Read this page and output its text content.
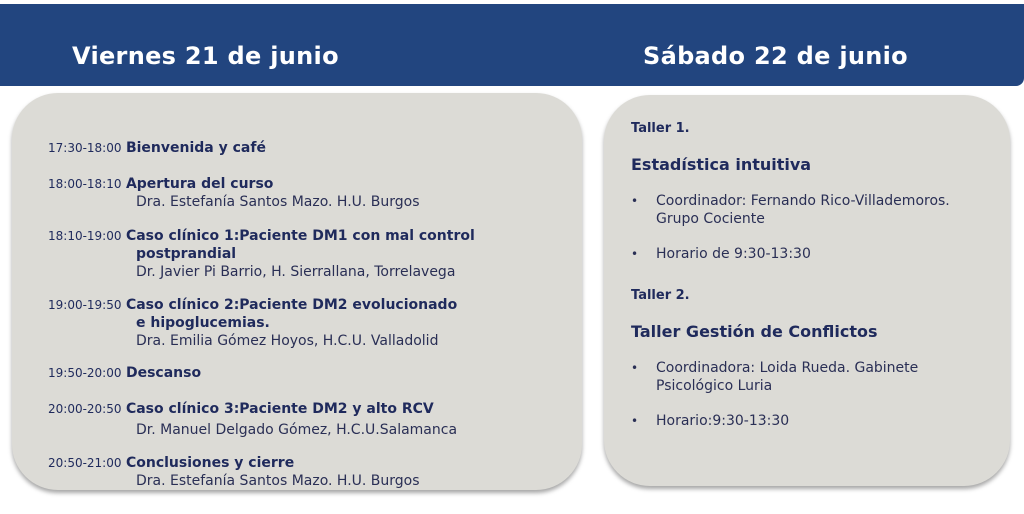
Viernes 21 de junio	Sábado 22 de junio
17:30-18:00 Bienvenida y café
18:00-18:10 Apertura del curso
Dra. Estefanía Santos Mazo. H.U. Burgos
18:10-19:00 Caso clínico 1:Paciente DM1 con mal control
postprandial
Dr. Javier Pi Barrio, H. Sierrallana, Torrelavega
19:00-19:50 Caso clínico 2:Paciente DM2 evolucionado
e hipoglucemias.
Dra. Emilia Gómez Hoyos, H.C.U. Valladolid
19:50-20:00 Descanso
20:00-20:50 Caso clínico 3:Paciente DM2 y alto RCV
Dr. Manuel Delgado Gómez, H.C.U.Salamanca
20:50-21:00 Conclusiones y cierre
Dra. Estefanía Santos Mazo. H.U. Burgos
Taller 1.
Estadística intuitiva
•	Coordinador: Fernando Rico-Villademoros. Grupo Cociente
•	Horario de 9:30-13:30
Taller 2.
Taller Gestión de Conflictos
•	Coordinadora: Loida Rueda. Gabinete Psicológico Luria
•	Horario:9:30-13:30
